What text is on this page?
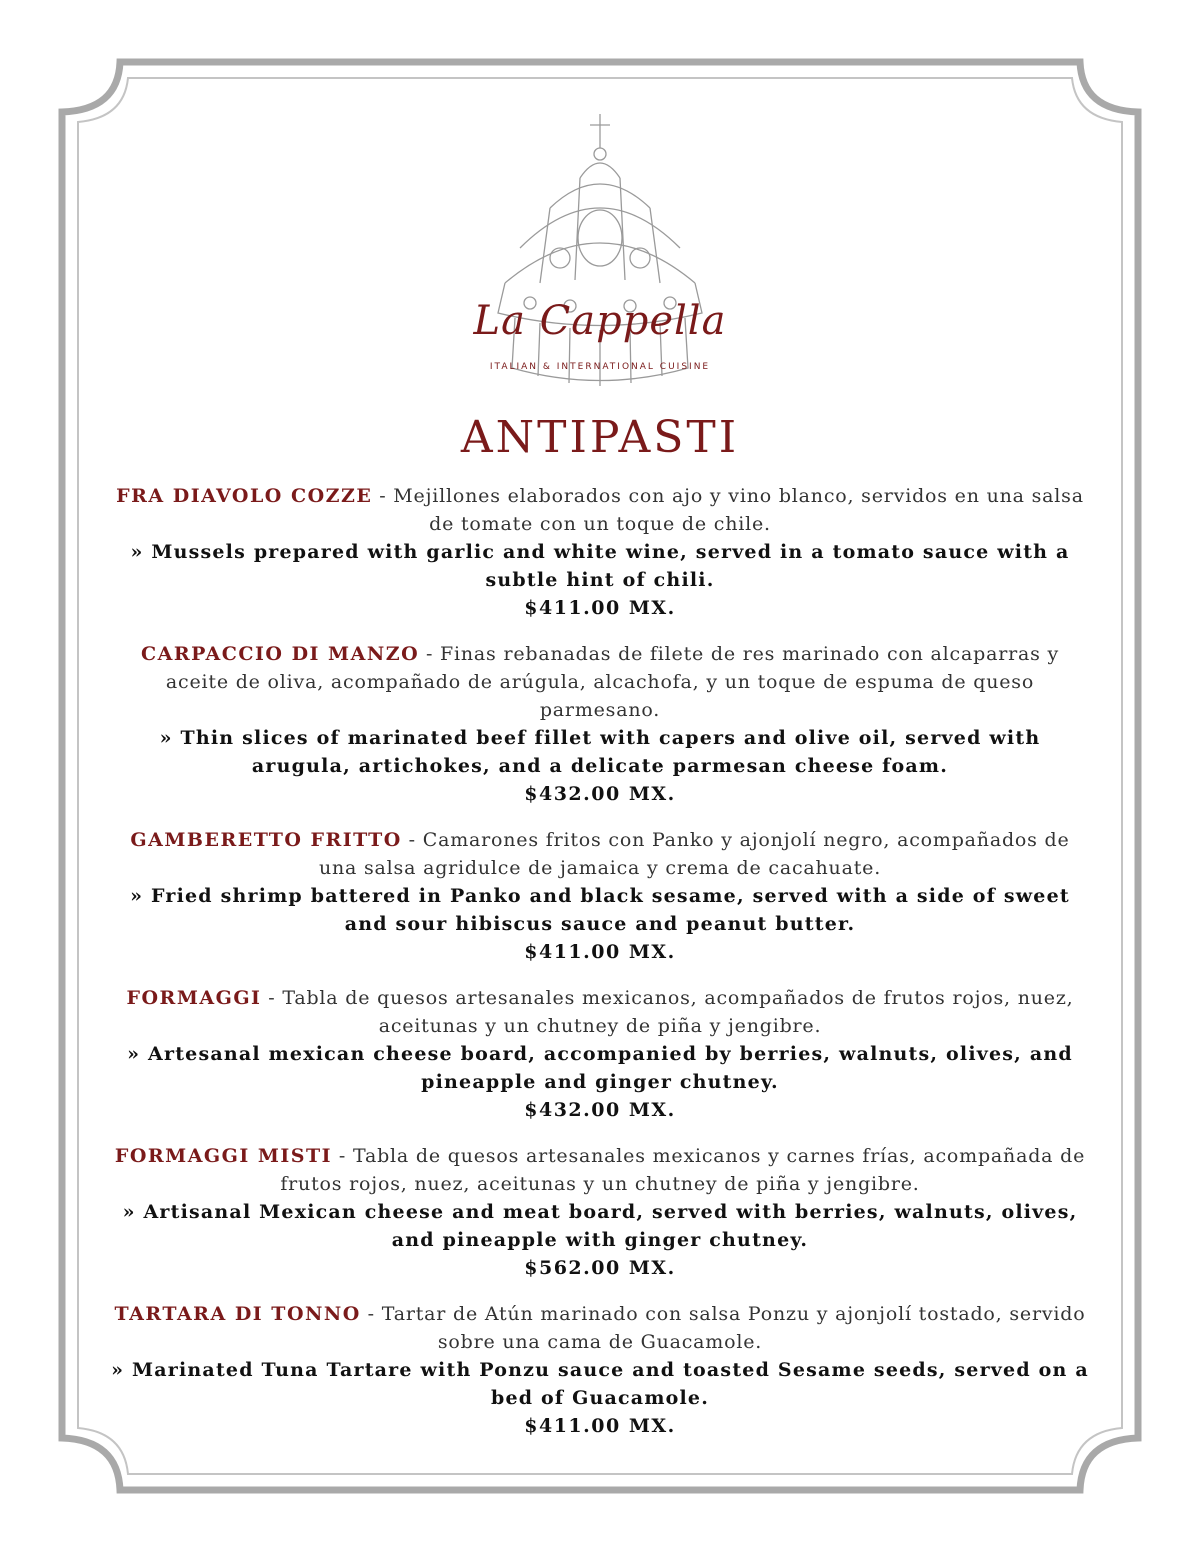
La Cappella
ITALIAN & INTERNATIONAL CUISINE
ANTIPASTI

FRA DIAVOLO COZZE - Mejillones elaborados con ajo y vino blanco, servidos en una salsa de tomate con un toque de chile.

» Mussels prepared with garlic and white wine, served in a tomato sauce with a subtle hint of chili.

$411.00 MX.

CARPACCIO DI MANZO - Finas rebanadas de filete de res marinado con alcaparras y aceite de oliva, acompañado de arúgula, alcachofa, y un toque de espuma de queso parmesano.

» Thin slices of marinated beef fillet with capers and olive oil, served with arugula, artichokes, and a delicate parmesan cheese foam.

$432.00 MX.

GAMBERETTO FRITTO - Camarones fritos con Panko y ajonjolí negro, acompañados de una salsa agridulce de jamaica y crema de cacahuate.

» Fried shrimp battered in Panko and black sesame, served with a side of sweet and sour hibiscus sauce and peanut butter.

$411.00 MX.

FORMAGGI - Tabla de quesos artesanales mexicanos, acompañados de frutos rojos, nuez, aceitunas y un chutney de piña y jengibre.

» Artesanal mexican cheese board, accompanied by berries, walnuts, olives, and pineapple and ginger chutney.

$432.00 MX.

FORMAGGI MISTI - Tabla de quesos artesanales mexicanos y carnes frías, acompañada de frutos rojos, nuez, aceitunas y un chutney de piña y jengibre.

» Artisanal Mexican cheese and meat board, served with berries, walnuts, olives, and pineapple with ginger chutney.

$562.00 MX.

TARTARA DI TONNO - Tartar de Atún marinado con salsa Ponzu y ajonjolí tostado, servido sobre una cama de Guacamole.

» Marinated Tuna Tartare with Ponzu sauce and toasted Sesame seeds, served on a bed of Guacamole.

$411.00 MX.
